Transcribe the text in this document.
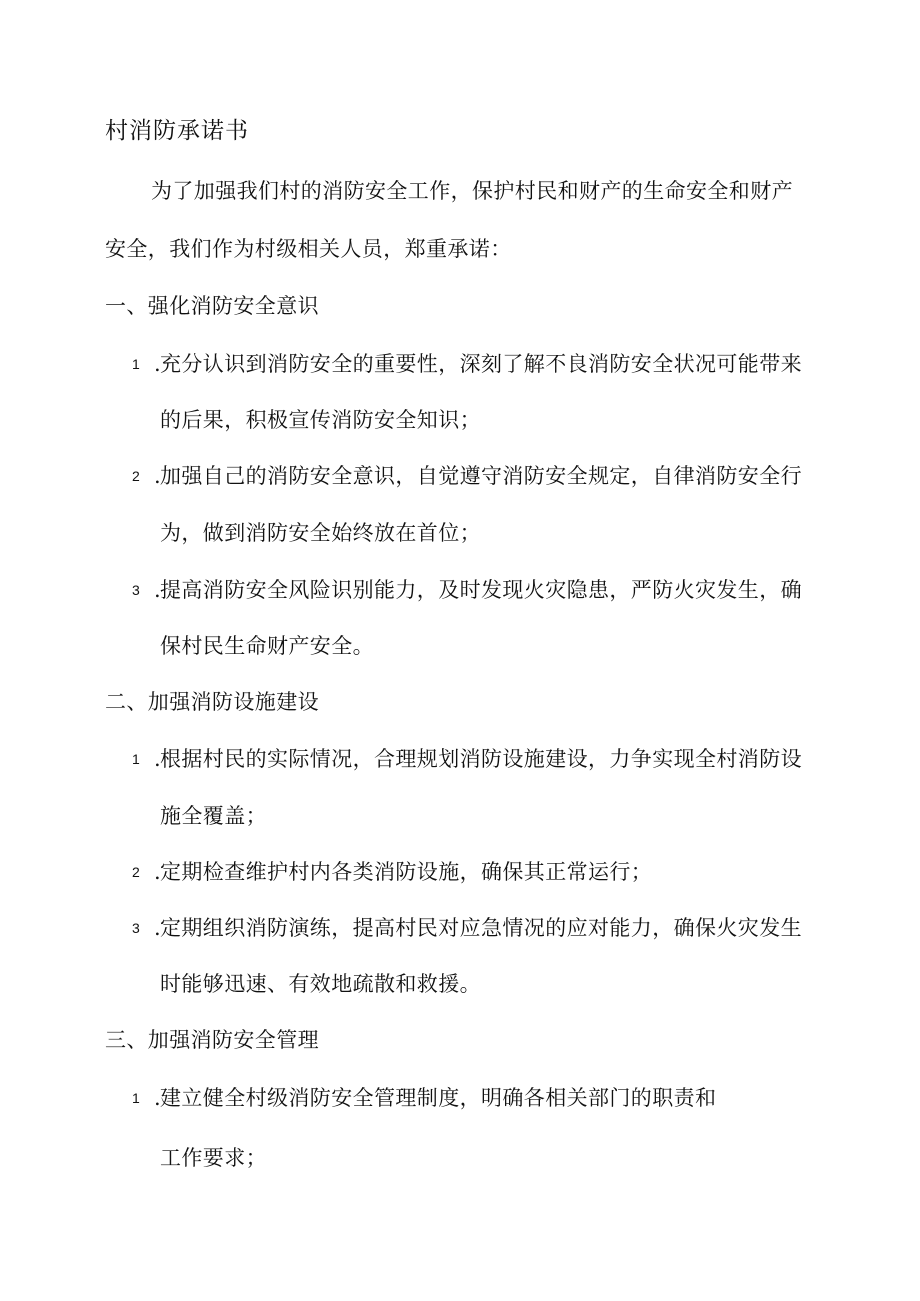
村消防承诺书
为了加强我们村的消防安全工作，保护村民和财产的生命安全和财产
安全，我们作为村级相关人员，郑重承诺：
一、强化消防安全意识
1 .充分认识到消防安全的重要性，深刻了解不良消防安全状况可能带来
的后果，积极宣传消防安全知识；
2 .加强自己的消防安全意识，自觉遵守消防安全规定，自律消防安全行
为，做到消防安全始终放在首位；
3 .提高消防安全风险识别能力，及时发现火灾隐患，严防火灾发生，确
保村民生命财产安全。
二、加强消防设施建设
1 .根据村民的实际情况，合理规划消防设施建设，力争实现全村消防设
施全覆盖；
2 .定期检查维护村内各类消防设施，确保其正常运行；
3 .定期组织消防演练，提高村民对应急情况的应对能力，确保火灾发生
时能够迅速、有效地疏散和救援。
三、加强消防安全管理
1 .建立健全村级消防安全管理制度，明确各相关部门的职责和
工作要求；
